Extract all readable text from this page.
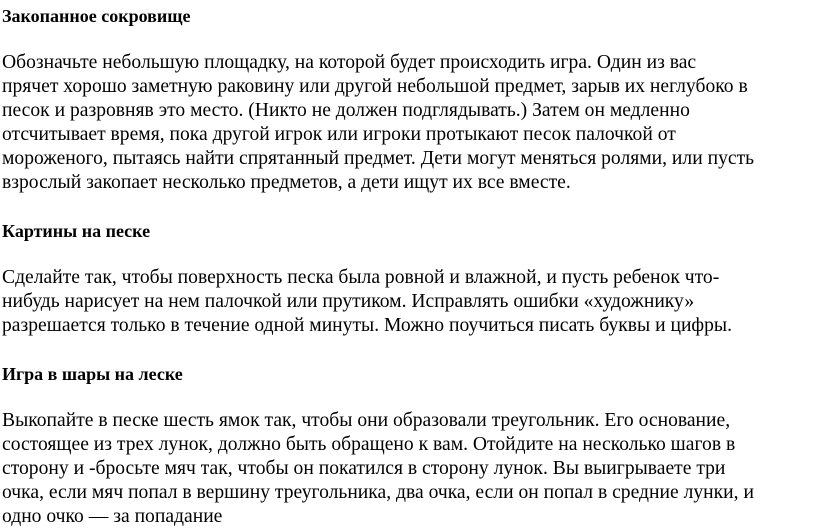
Закопанное сокровище

Обозначьте небольшую площадку, на которой будет происходить игра. Один из вас

прячет хорошо заметную раковину или другой небольшой предмет, зарыв их неглубоко в

песок и разровняв это место. (Никто не должен подглядывать.) Затем он медленно

отсчитывает время, пока другой игрок или игроки протыкают песок палочкой от

мороженого, пытаясь найти спрятанный предмет. Дети могут меняться ролями, или пусть

взрослый закопает несколько предметов, а дети ищут их все вместе.

Картины на песке

Сделайте так, чтобы поверхность песка была ровной и влажной, и пусть ребенок что-

нибудь нарисует на нем палочкой или прутиком. Исправлять ошибки «художнику»

разрешается только в течение одной минуты. Можно поучиться писать буквы и цифры.

Игра в шары на леске

Выкопайте в песке шесть ямок так, чтобы они образовали треугольник. Его основание,

состоящее из трех лунок, должно быть обращено к вам. Отойдите на несколько шагов в

сторону и -бросьте мяч так, чтобы он покатился в сторону лунок. Вы выигрываете три

очка, если мяч попал в вершину треугольника, два очка, если он попал в средние лунки, и

одно очко — за попадание
